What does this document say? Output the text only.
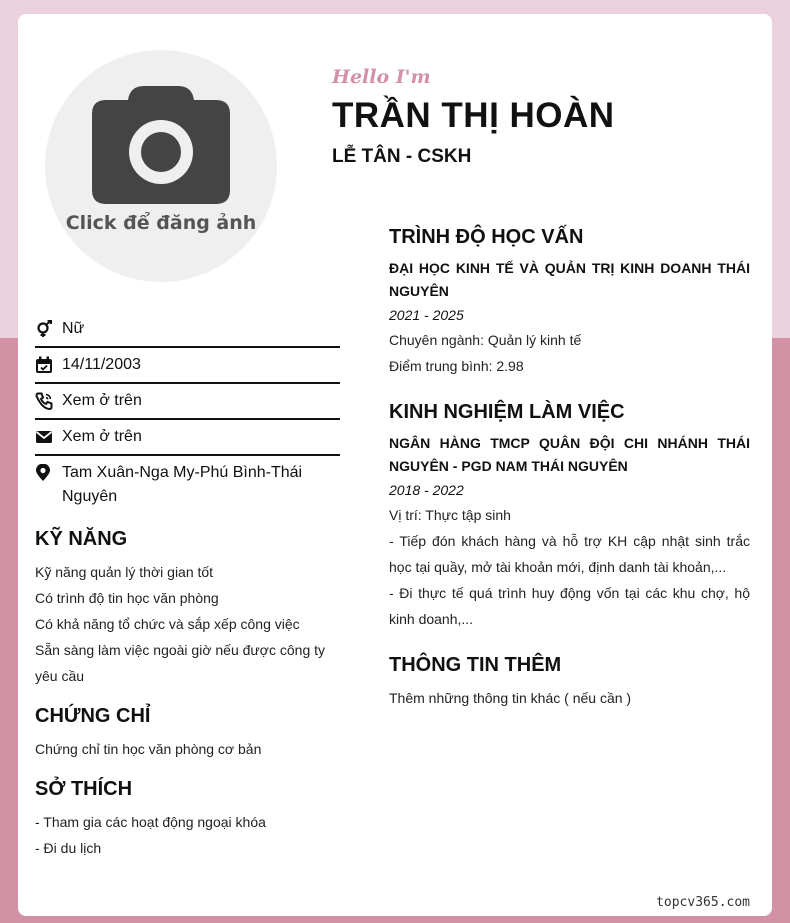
Click để đăng ảnh
Hello I'm
TRẦN THỊ HOÀN
LỄ TÂN - CSKH
Nữ
14/11/2003
Xem ở trên
Xem ở trên
Tam Xuân-Nga My-Phú Bình-Thái Nguyên
KỸ NĂNG

Kỹ năng quản lý thời gian tốt

Có trình độ tin học văn phòng

Có khả năng tổ chức và sắp xếp công việc

Sẵn sàng làm việc ngoài giờ nếu được công ty yêu cầu

CHỨNG CHỈ

Chứng chỉ tin học văn phòng cơ bản

SỞ THÍCH

- Tham gia các hoạt động ngoại khóa

- Đi du lịch

TRÌNH ĐỘ HỌC VẤN
ĐẠI HỌC KINH TẾ VÀ QUẢN TRỊ KINH DOANH THÁI NGUYÊN
2021 - 2025

Chuyên ngành: Quản lý kinh tế

Điểm trung bình: 2.98

KINH NGHIỆM LÀM VIỆC
NGÂN HÀNG TMCP QUÂN ĐỘI CHI NHÁNH THÁI NGUYÊN - PGD NAM THÁI NGUYÊN
2018 - 2022

Vị trí: Thực tập sinh

- Tiếp đón khách hàng và hỗ trợ KH cập nhật sinh trắc học tại quầy, mở tài khoản mới, định danh tài khoản,...

- Đi thực tế quá trình huy động vốn tại các khu chợ, hộ kinh doanh,...

THÔNG TIN THÊM

Thêm những thông tin khác ( nếu cần )

topcv365.com
